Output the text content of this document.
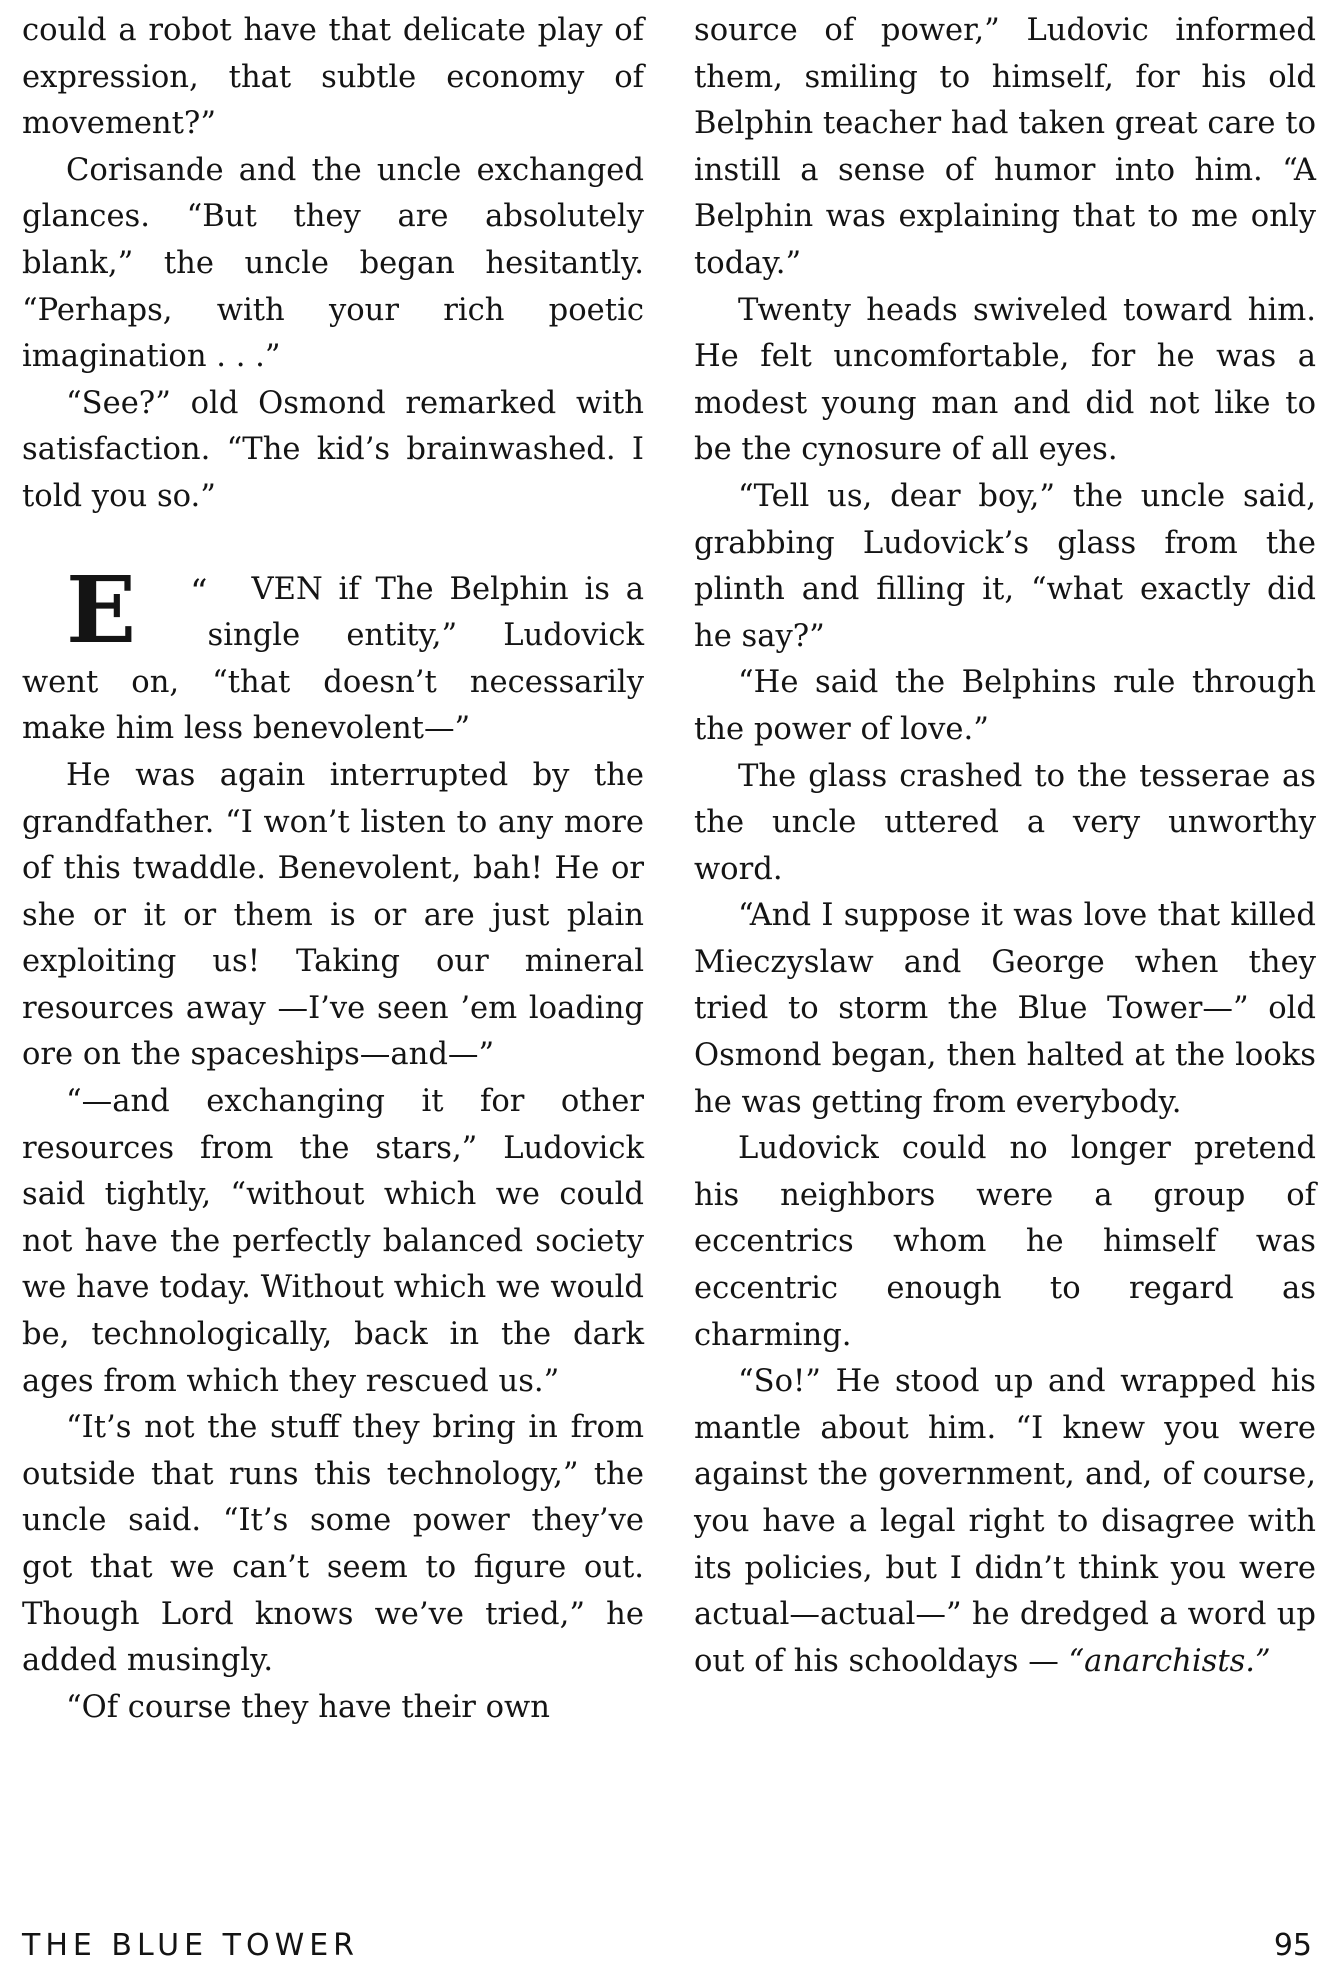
could a robot have that delicate play of expression, that subtle economy of movement?”

Corisande and the uncle exchanged glances. “But they are absolutely blank,” the uncle began hesitantly. “Perhaps, with your rich poetic imagination . . .”

“See?” old Osmond remarked with satisfaction. “The kid’s brainwashed. I told you so.”

“
E	VEN if The Belphin is a single entity,” Ludovick went on, “that doesn’t necessarily make him less benevolent—”

He was again interrupted by the grandfather. “I won’t listen to any more of this twaddle. Benevolent, bah! He or she or it or them is or are just plain exploiting us! Taking our mineral resources away —I’ve seen ’em loading ore on the spaceships—and—”

“—and exchanging it for other resources from the stars,” Ludovick said tightly, “without which we could not have the perfectly balanced society we have today. Without which we would be, technologically, back in the dark ages from which they rescued us.”

“It’s not the stuff they bring in from outside that runs this technology,” the uncle said. “It’s some power they’ve got that we can’t seem to figure out. Though Lord knows we’ve tried,” he added musingly.

“Of course they have their own

source of power,” Ludovic informed them, smiling to himself, for his old Belphin teacher had taken great care to instill a sense of humor into him. “A Belphin was explaining that to me only today.”

Twenty heads swiveled toward him. He felt uncomfortable, for he was a modest young man and did not like to be the cynosure of all eyes.

“Tell us, dear boy,” the uncle said, grabbing Ludovick’s glass from the plinth and filling it, “what exactly did he say?”

“He said the Belphins rule through the power of love.”

The glass crashed to the tesserae as the uncle uttered a very unworthy word.

“And I suppose it was love that killed Mieczyslaw and George when they tried to storm the Blue Tower—” old Osmond began, then halted at the looks he was getting from everybody.

Ludovick could no longer pretend his neighbors were a group of eccentrics whom he himself was eccentric enough to regard as charming.

“So!” He stood up and wrapped his mantle about him. “I knew you were against the government, and, of course, you have a legal right to disagree with its policies, but I didn’t think you were actual—actual—” he dredged a word up out of his schooldays — “anarchists.”

THE BLUE TOWER	95
